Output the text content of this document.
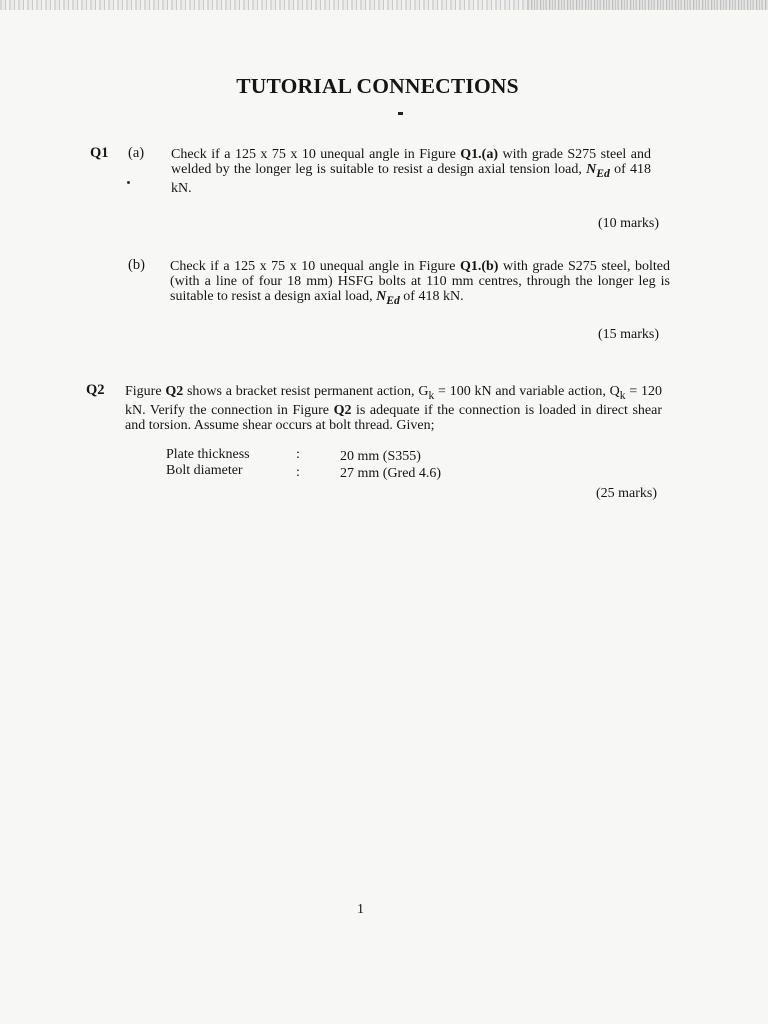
TUTORIAL CONNECTIONS
Q1 (a) Check if a 125 x 75 x 10 unequal angle in Figure Q1.(a) with grade S275 steel and welded by the longer leg is suitable to resist a design axial tension load, $N_{Ed}$ of 418 kN.
(10 marks)
(b) Check if a 125 x 75 x 10 unequal angle in Figure Q1.(b) with grade S275 steel, bolted (with a line of four 18 mm) HSFG bolts at 110 mm centres, through the longer leg is suitable to resist a design axial load, $N_{Ed}$ of 418 kN.
(15 marks)
Q2 Figure Q2 shows a bracket resist permanent action, $G_k = 100$ kN and variable action, $Q_k = 120$ kN. Verify the connection in Figure Q2 is adequate if the connection is loaded in direct shear and torsion. Assume shear occurs at bolt thread. Given;
Plate thickness	:	20 mm (S355)
Bolt diameter	:	27 mm (Gred 4.6)
(25 marks)
1
